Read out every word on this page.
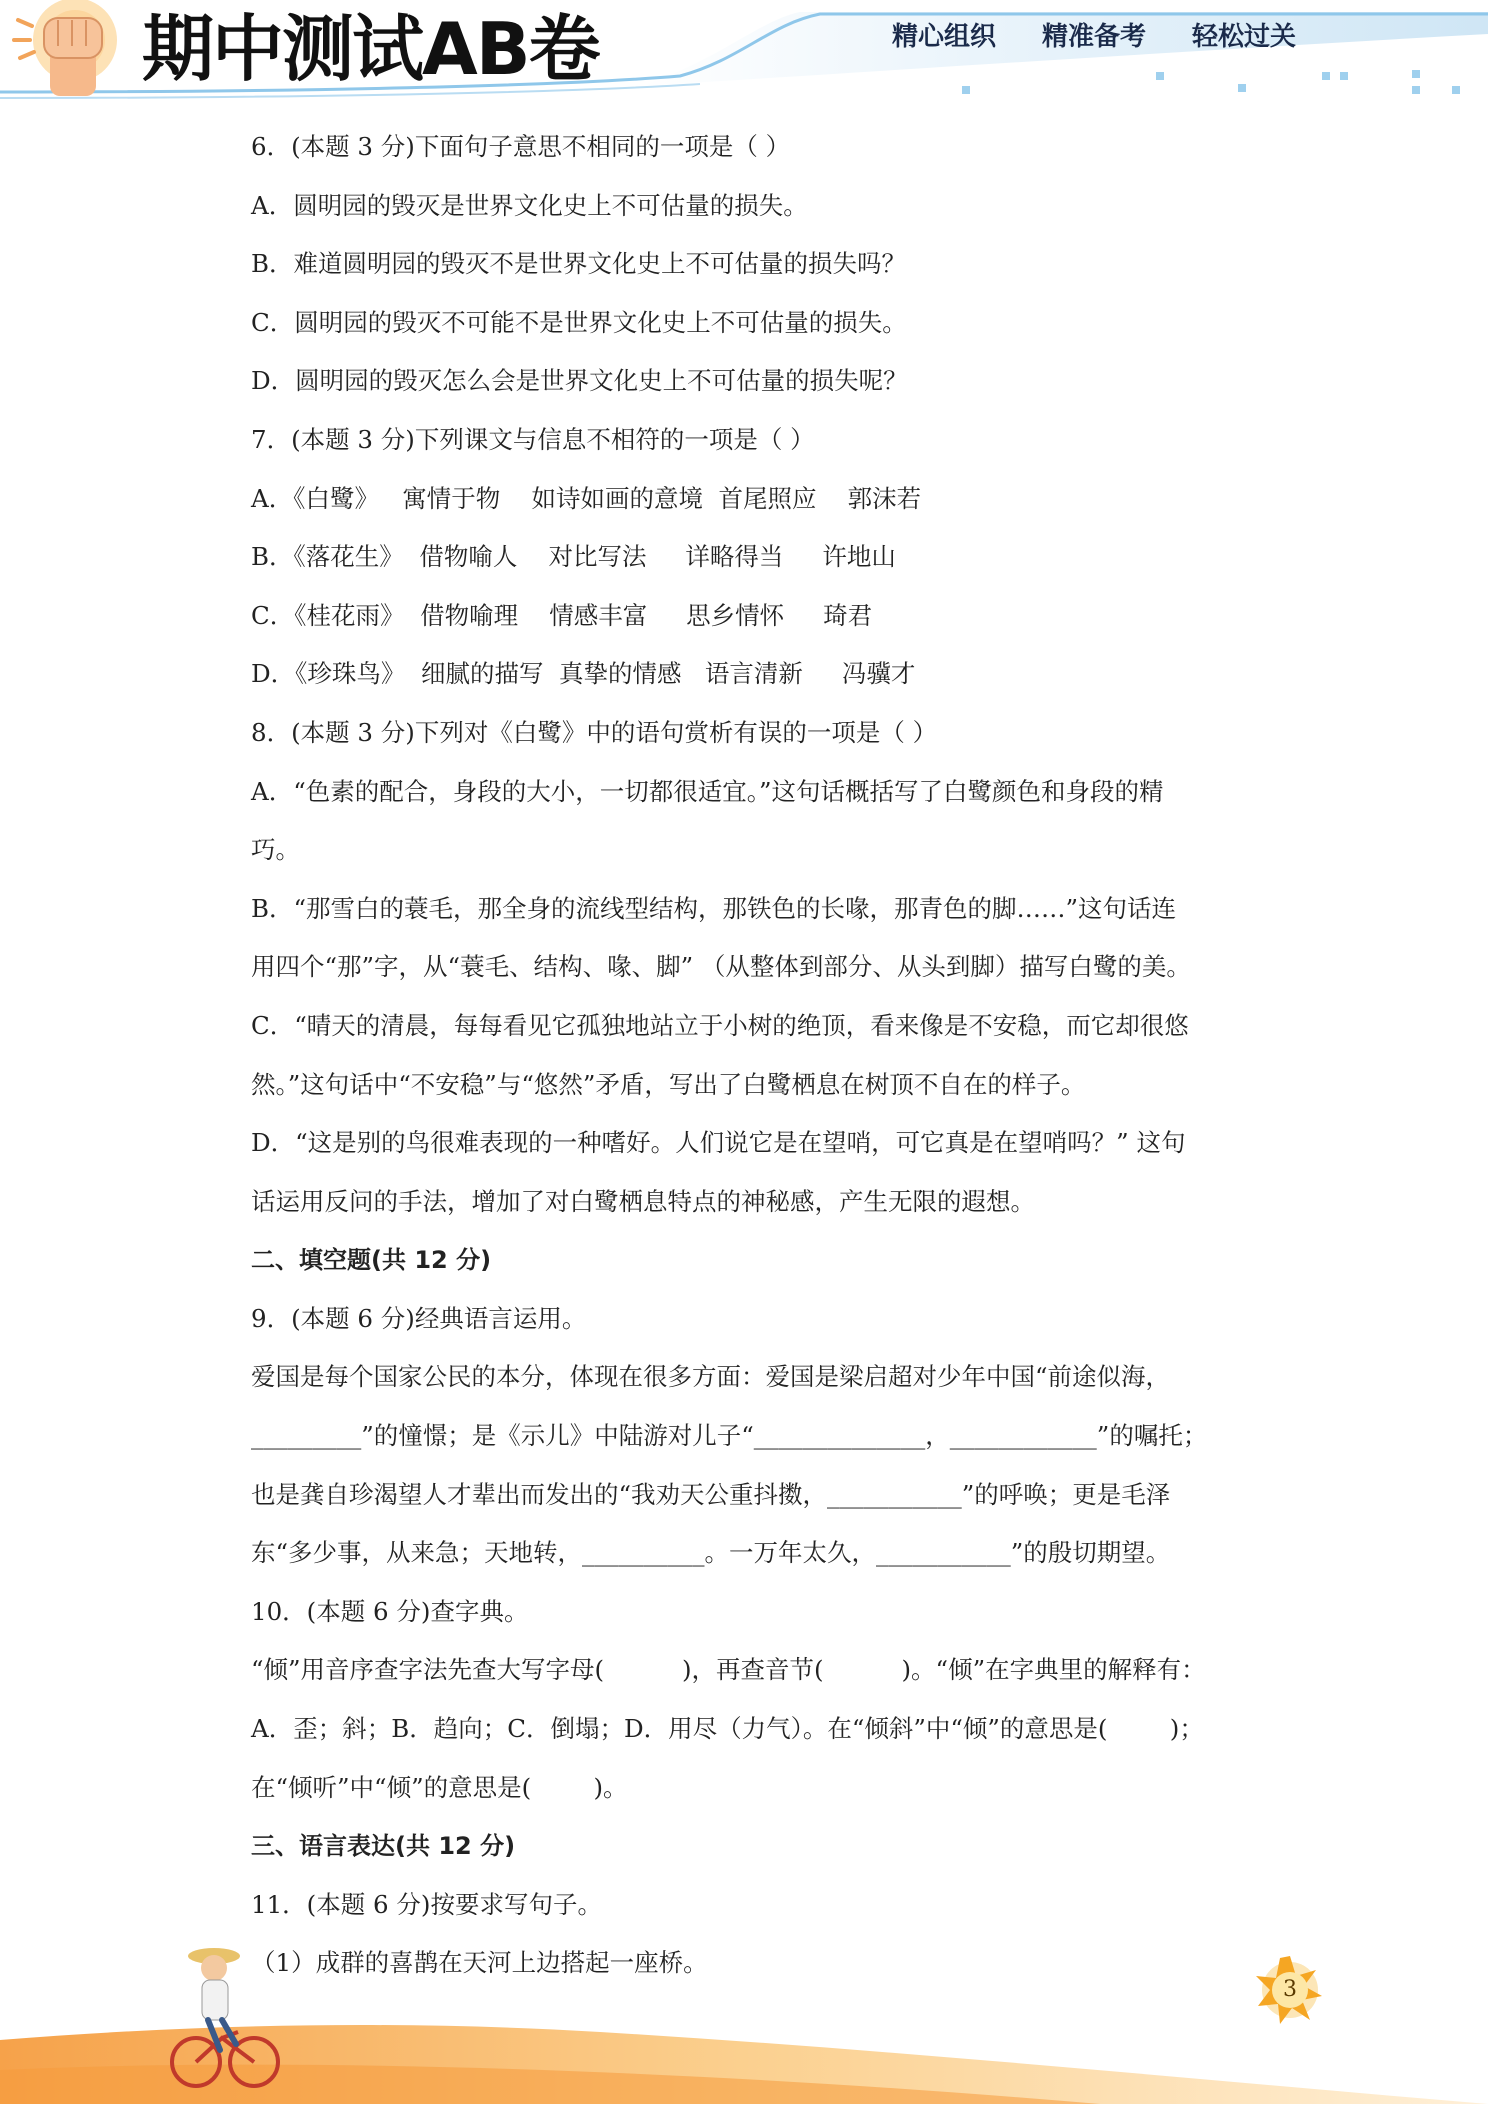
期中测试AB卷	精心组织 精准备考 轻松过关
6．(本题 3 分)下面句子意思不相同的一项是（ ）
A．圆明园的毁灭是世界文化史上不可估量的损失。
B．难道圆明园的毁灭不是世界文化史上不可估量的损失吗？
C．圆明园的毁灭不可能不是世界文化史上不可估量的损失。
D．圆明园的毁灭怎么会是世界文化史上不可估量的损失呢？
7．(本题 3 分)下列课文与信息不相符的一项是（ ）
A．《白鹭》   寓情于物    如诗如画的意境  首尾照应    郭沫若
B．《落花生》  借物喻人    对比写法     详略得当     许地山
C．《桂花雨》  借物喻理    情感丰富     思乡情怀     琦君
D．《珍珠鸟》  细腻的描写  真挚的情感   语言清新     冯骥才
8．(本题 3 分)下列对《白鹭》中的语句赏析有误的一项是（ ）
A．“色素的配合，身段的大小，一切都很适宜。”这句话概括写了白鹭颜色和身段的精
巧。
B．“那雪白的蓑毛，那全身的流线型结构，那铁色的长喙，那青色的脚……”这句话连
用四个“那”字，从“蓑毛、结构、喙、脚” （从整体到部分、从头到脚）描写白鹭的美。
C．“晴天的清晨，每每看见它孤独地站立于小树的绝顶，看来像是不安稳，而它却很悠
然。”这句话中“不安稳”与“悠然”矛盾，写出了白鹭栖息在树顶不自在的样子。
D．“这是别的鸟很难表现的一种嗜好。人们说它是在望哨，可它真是在望哨吗？” 这句
话运用反问的手法，增加了对白鹭栖息特点的神秘感，产生无限的遐想。
二、填空题(共 12 分)
9．(本题 6 分)经典语言运用。
爱国是每个国家公民的本分，体现在很多方面：爱国是梁启超对少年中国“前途似海，
_________”的憧憬；是《示儿》中陆游对儿子“______________，____________”的嘱托；
也是龚自珍渴望人才辈出而发出的“我劝天公重抖擞，___________”的呼唤；更是毛泽
东“多少事，从来急；天地转，__________。一万年太久，___________”的殷切期望。
10．(本题 6 分)查字典。
“倾”用音序查字法先查大写字母(          )，再查音节(          )。“倾”在字典里的解释有：
A．歪；斜；B．趋向；C．倒塌；D．用尽（力气）。在“倾斜”中“倾”的意思是(        )；
在“倾听”中“倾”的意思是(        )。
三、语言表达(共 12 分)
11．(本题 6 分)按要求写句子。
（1）成群的喜鹊在天河上边搭起一座桥。
3
